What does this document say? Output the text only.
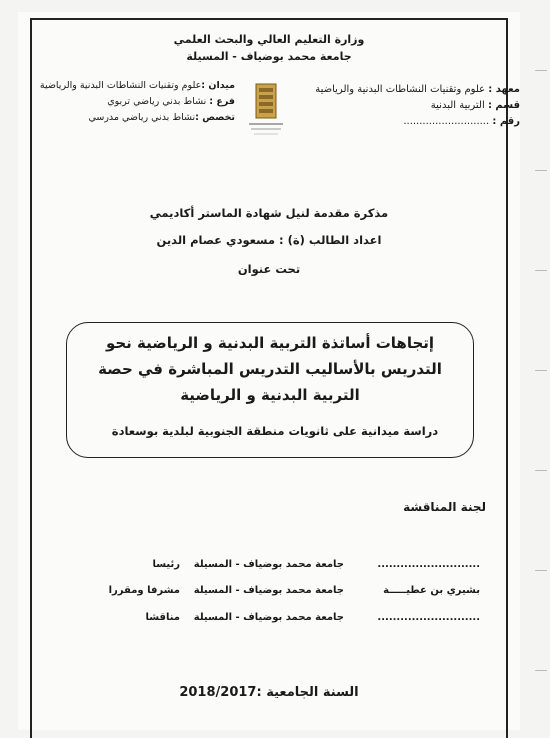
وزارة التعليم العالي والبحث العلمي
جامعة محمد بوضياف - المسيلة
معهد : علوم وتقنيات النشاطات البدنية والرياضية
قسم : التربية البدنية
رقم : ...........................
ميدان :علوم وتقنيات النشاطات البدنية والرياضية
فرع : نشاط بدني رياضي تربوي
تخصص :نشاط بدني رياضي مدرسي
مذكرة مقدمة لنيل شهادة الماستر أكاديمي
اعداد الطالب (ة) : مسعودي عصام الدين
تحت عنوان
إتجاهات أساتذة التربية البدنية و الرياضية نحو التدريس بالأساليب التدريس المباشرة في حصة التربية البدنية و الرياضية
دراسة ميدانية على ثانويات منطقة الجنوبية لبلدية بوسعادة
لجنة المناقشة
...........................
جامعة محمد بوضياف - المسيلة
رئيسا
بشيري بن عطيـــــة
جامعة محمد بوضياف - المسيلة
مشرفا ومقررا
...........................
جامعة محمد بوضياف - المسيلة
مناقشا
السنة الجامعية :2018/2017
